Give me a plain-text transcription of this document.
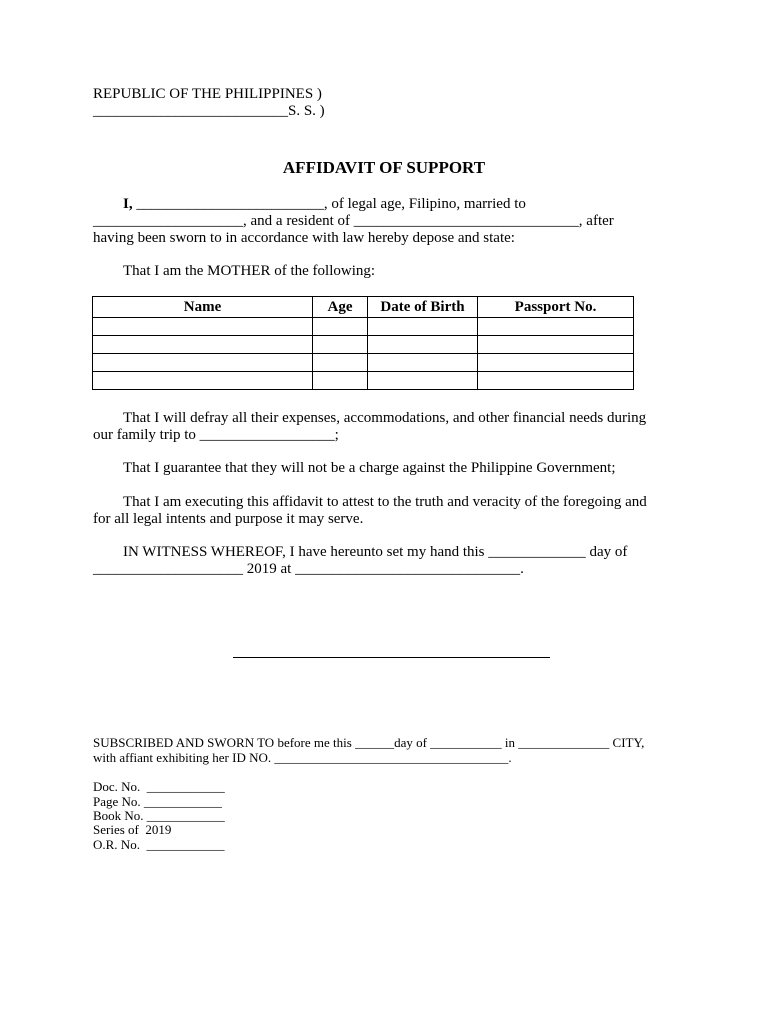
REPUBLIC OF THE PHILIPPINES )
__________________________S. S. )
AFFIDAVIT OF SUPPORT
I, _________________________, of legal age, Filipino, married to
____________________, and a resident of ______________________________, after
having been sworn to in accordance with law hereby depose and state:
That I am the MOTHER of the following:
Name	Age	Date of Birth	Passport No.

That I will defray all their expenses, accommodations, and other financial needs during
our family trip to __________________;
That I guarantee that they will not be a charge against the Philippine Government;
That I am executing this affidavit to attest to the truth and veracity of the foregoing and
for all legal intents and purpose it may serve.
IN WITNESS WHEREOF, I have hereunto set my hand this _____________ day of
____________________ 2019 at ______________________________.
SUBSCRIBED AND SWORN TO before me this ______day of ___________ in ______________ CITY,
with affiant exhibiting her ID NO. ____________________________________.
Doc. No.  ____________
Page No. ____________
Book No. ____________
Series of  2019
O.R. No.  ____________
